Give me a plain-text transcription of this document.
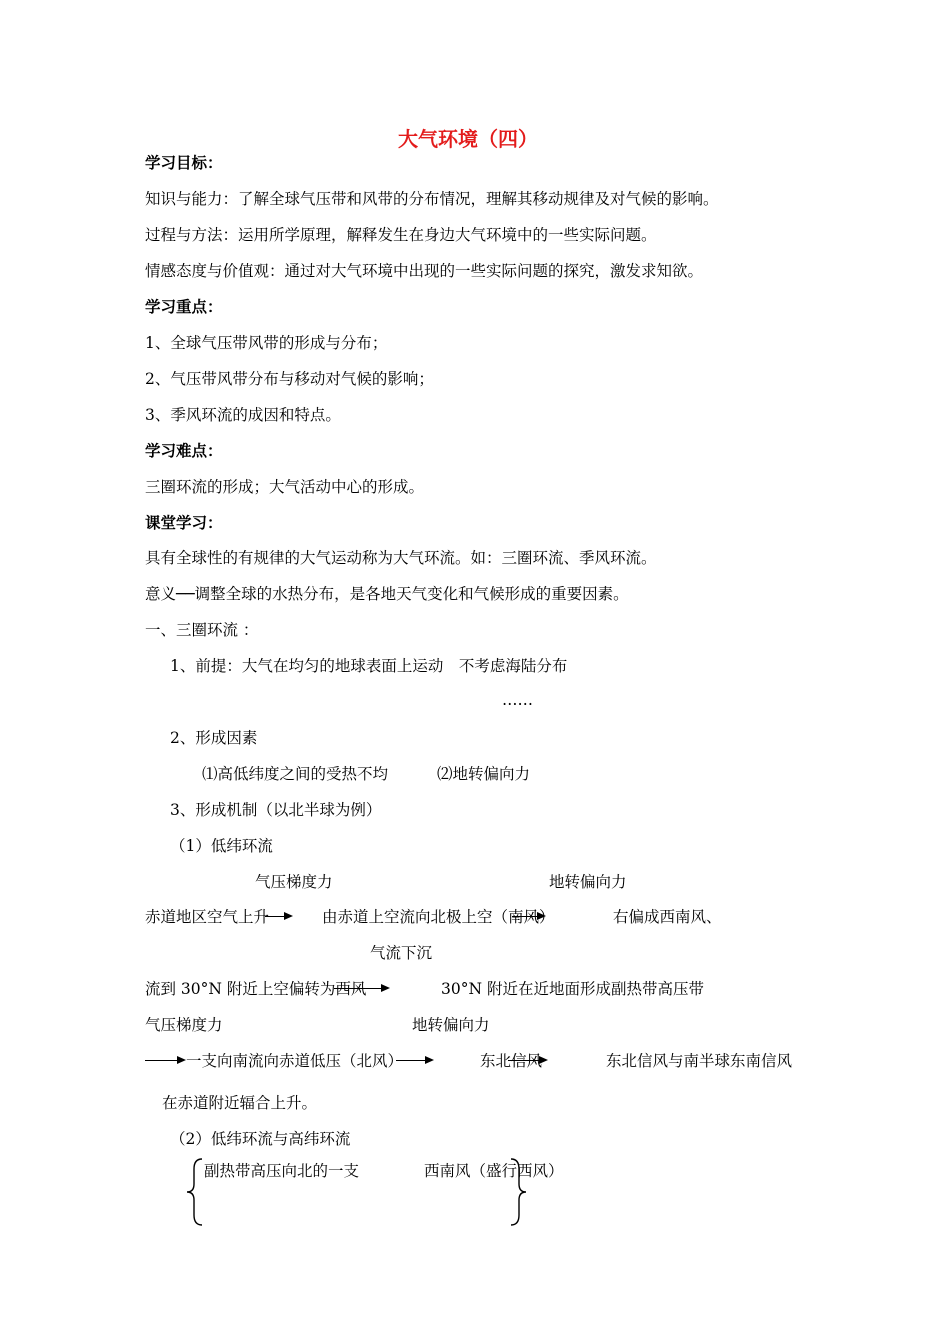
大气环境（四）
学习目标：
知识与能力：了解全球气压带和风带的分布情况，理解其移动规律及对气候的影响。
过程与方法：运用所学原理，解释发生在身边大气环境中的一些实际问题。
情感态度与价值观：通过对大气环境中出现的一些实际问题的探究，激发求知欲。
学习重点：
1、全球气压带风带的形成与分布；
2、气压带风带分布与移动对气候的影响；
3、季风环流的成因和特点。
学习难点：
三圈环流的形成；大气活动中心的形成。
课堂学习：
具有全球性的有规律的大气运动称为大气环流。如：三圈环流、季风环流。
意义──调整全球的水热分布，是各地天气变化和气候形成的重要因素。
一、三圈环流 ：
1、前提：大气在均匀的地球表面上运动　不考虑海陆分布
……
2、形成因素
⑴高低纬度之间的受热不均	⑵地转偏向力
3、形成机制（以北半球为例）
（1）低纬环流
气压梯度力	地转偏向力
赤道地区空气上升	由赤道上空流向北极上空（南风）	右偏成西南风、
气流下沉
流到 30°N 附近上空偏转为西风	30°N 附近在近地面形成副热带高压带
气压梯度力	地转偏向力
一支向南流向赤道低压（北风）	东北信风	东北信风与南半球东南信风
在赤道附近辐合上升。
（2）低纬环流与高纬环流
副热带高压向北的一支	西南风（盛行西风）
